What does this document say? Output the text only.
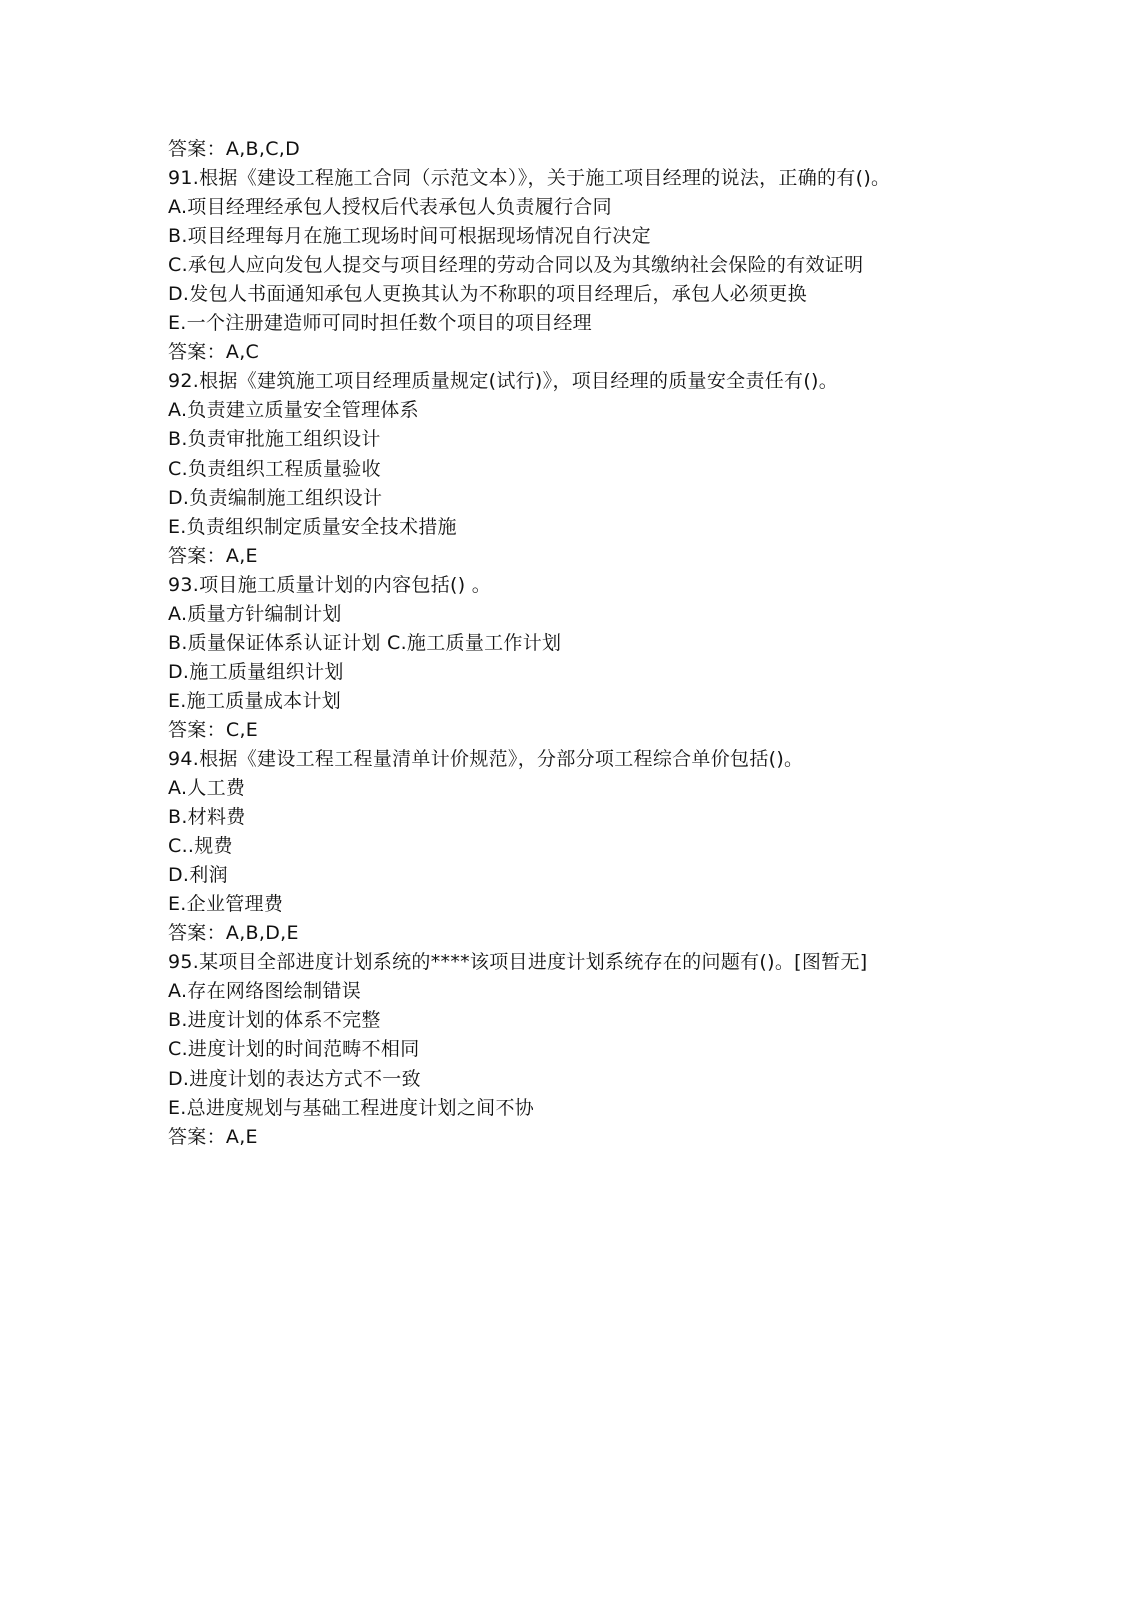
答案：A,B,C,D
91.根据《建设工程施工合同（示范文本）》，关于施工项目经理的说法，正确的有()。
A.项目经理经承包人授权后代表承包人负责履行合同
B.项目经理每月在施工现场时间可根据现场情况自行决定
C.承包人应向发包人提交与项目经理的劳动合同以及为其缴纳社会保险的有效证明
D.发包人书面通知承包人更换其认为不称职的项目经理后，承包人必须更换
E.一个注册建造师可同时担任数个项目的项目经理
答案：A,C
92.根据《建筑施工项目经理质量规定(试行)》，项目经理的质量安全责任有()。
A.负责建立质量安全管理体系
B.负责审批施工组织设计
C.负责组织工程质量验收
D.负责编制施工组织设计
E.负责组织制定质量安全技术措施
答案：A,E
93.项目施工质量计划的内容包括() 。
A.质量方针编制计划
B.质量保证体系认证计划 C.施工质量工作计划
D.施工质量组织计划
E.施工质量成本计划
答案：C,E
94.根据《建设工程工程量清单计价规范》，分部分项工程综合单价包括()。
A.人工费
B.材料费
C..规费
D.利润
E.企业管理费
答案：A,B,D,E
95.某项目全部进度计划系统的****该项目进度计划系统存在的问题有()。[图暂无]
A.存在网络图绘制错误
B.进度计划的体系不完整
C.进度计划的时间范畴不相同
D.进度计划的表达方式不一致
E.总进度规划与基础工程进度计划之间不协
答案：A,E
